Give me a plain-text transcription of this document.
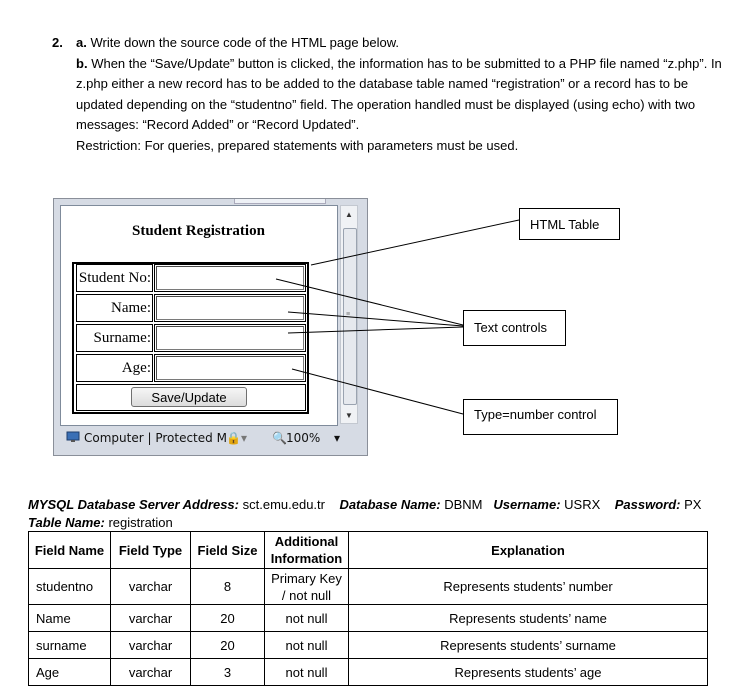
2. a. Write down the source code of the HTML page below.
b. When the “Save/Update” button is clicked, the information has to be submitted to a PHP file named “z.php”. In z.php either a new record has to be added to the database table named “registration” or a record has to be updated depending on the “studentno” field. The operation handled must be displayed (using echo) with two messages: “Record Added” or “Record Updated”.
Restriction: For queries, prepared statements with parameters must be used.
▲
≡
▼
Computer | Protected M 🔒▾ 🔍 100% ▾
Student Registration
Student No:
Name:
Surname:
Age:
Save/Update
HTML Table
Text controls
Type=number control
MYSQL Database Server Address: sct.emu.edu.tr Database Name: DBNM Username: USRX Password: PX
Table Name: registration
Field Name	Field Type	Field Size	Additional Information	Explanation
studentno	varchar	8	Primary Key / not null	Represents students’ number
Name	varchar	20	not null	Represents students’ name
surname	varchar	20	not null	Represents students’ surname
Age	varchar	3	not null	Represents students’ age
